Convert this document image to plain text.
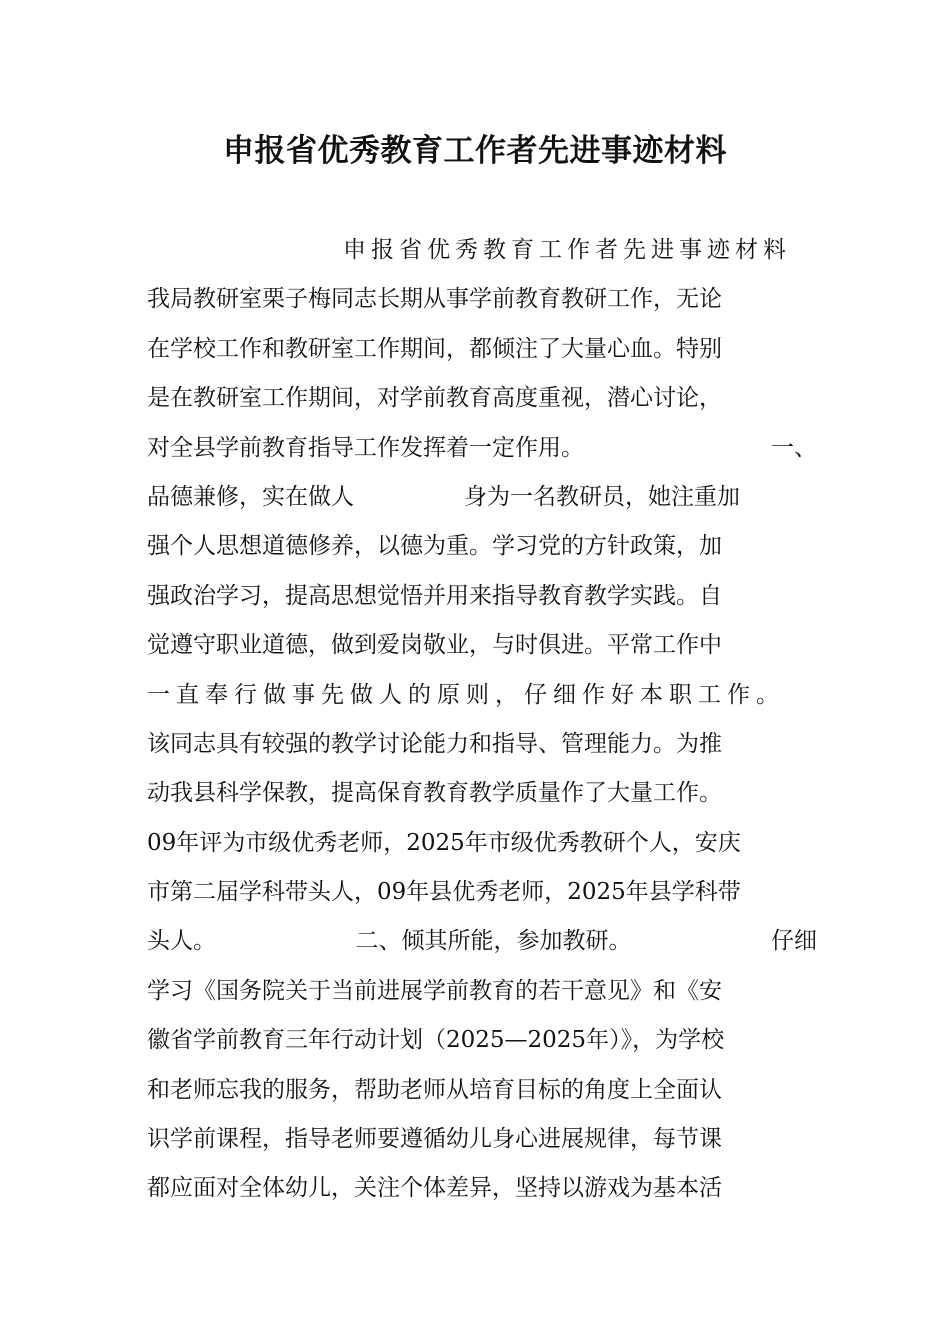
申报省优秀教育工作者先进事迹材料
申报省优秀教育工作者先进事迹材料
我局教研室栗子梅同志长期从事学前教育教研工作，无论
在学校工作和教研室工作期间，都倾注了大量心血。特别
是在教研室工作期间，对学前教育高度重视，潜心讨论，
对全县学前教育指导工作发挥着一定作用。	一、
品德兼修，实在做人	身为一名教研员，她注重加
强个人思想道德修养，以德为重。学习党的方针政策，加
强政治学习，提高思想觉悟并用来指导教育教学实践。自
觉遵守职业道德，做到爱岗敬业，与时俱进。平常工作中
一直奉行做事先做人的原则，仔细作好本职工作。
该同志具有较强的教学讨论能力和指导、管理能力。为推
动我县科学保教，提高保育教育教学质量作了大量工作。
09年评为市级优秀老师，2025年市级优秀教研个人，安庆
市第二届学科带头人，09年县优秀老师，2025年县学科带
头人。	二、倾其所能，参加教研。	仔细
学习《国务院关于当前进展学前教育的若干意见》和《安
徽省学前教育三年行动计划（2025—2025年）》，为学校
和老师忘我的服务，帮助老师从培育目标的角度上全面认
识学前课程，指导老师要遵循幼儿身心进展规律，每节课
都应面对全体幼儿，关注个体差异，坚持以游戏为基本活
